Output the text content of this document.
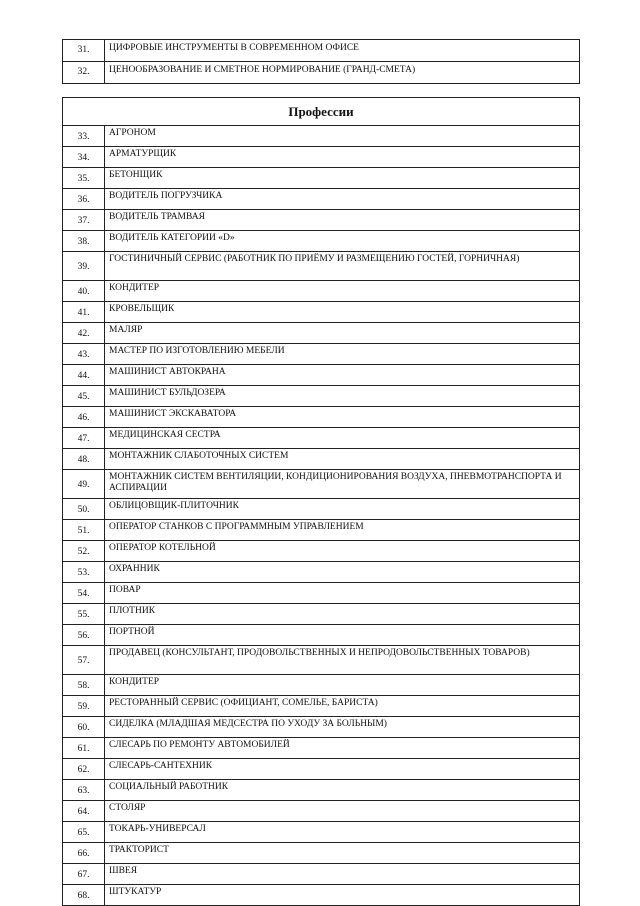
31.	ЦИФРОВЫЕ ИНСТРУМЕНТЫ В СОВРЕМЕННОМ ОФИСЕ
32.	ЦЕНООБРАЗОВАНИЕ И СМЕТНОЕ НОРМИРОВАНИЕ (ГРАНД-СМЕТА)
Профессии	
33.	АГРОНОМ
34.	АРМАТУРЩИК
35.	БЕТОНЩИК
36.	ВОДИТЕЛЬ ПОГРУЗЧИКА
37.	ВОДИТЕЛЬ ТРАМВАЯ
38.	ВОДИТЕЛЬ КАТЕГОРИИ «D»
39.	ГОСТИНИЧНЫЙ СЕРВИС (РАБОТНИК ПО ПРИЁМУ И РАЗМЕЩЕНИЮ ГОСТЕЙ, ГОРНИЧНАЯ)
40.	КОНДИТЕР
41.	КРОВЕЛЬЩИК
42.	МАЛЯР
43.	МАСТЕР ПО ИЗГОТОВЛЕНИЮ МЕБЕЛИ
44.	МАШИНИСТ АВТОКРАНА
45.	МАШИНИСТ БУЛЬДОЗЕРА
46.	МАШИНИСТ ЭКСКАВАТОРА
47.	МЕДИЦИНСКАЯ СЕСТРА
48.	МОНТАЖНИК СЛАБОТОЧНЫХ СИСТЕМ
49.	МОНТАЖНИК СИСТЕМ ВЕНТИЛЯЦИИ, КОНДИЦИОНИРОВАНИЯ ВОЗДУХА, ПНЕВМОТРАНСПОРТА И АСПИРАЦИИ
50.	ОБЛИЦОВЩИК-ПЛИТОЧНИК
51.	ОПЕРАТОР СТАНКОВ С ПРОГРАММНЫМ УПРАВЛЕНИЕМ
52.	ОПЕРАТОР КОТЕЛЬНОЙ
53.	ОХРАННИК
54.	ПОВАР
55.	ПЛОТНИК
56.	ПОРТНОЙ
57.	ПРОДАВЕЦ (КОНСУЛЬТАНТ, ПРОДОВОЛЬСТВЕННЫХ И НЕПРОДОВОЛЬСТВЕННЫХ ТОВАРОВ)
58.	КОНДИТЕР
59.	РЕСТОРАННЫЙ СЕРВИС (ОФИЦИАНТ, СОМЕЛЬЕ, БАРИСТА)
60.	СИДЕЛКА (МЛАДШАЯ МЕДСЕСТРА ПО УХОДУ ЗА БОЛЬНЫМ)
61.	СЛЕСАРЬ ПО РЕМОНТУ АВТОМОБИЛЕЙ
62.	СЛЕСАРЬ-САНТЕХНИК
63.	СОЦИАЛЬНЫЙ РАБОТНИК
64.	СТОЛЯР
65.	ТОКАРЬ-УНИВЕРСАЛ
66.	ТРАКТОРИСТ
67.	ШВЕЯ
68.	ШТУКАТУР
